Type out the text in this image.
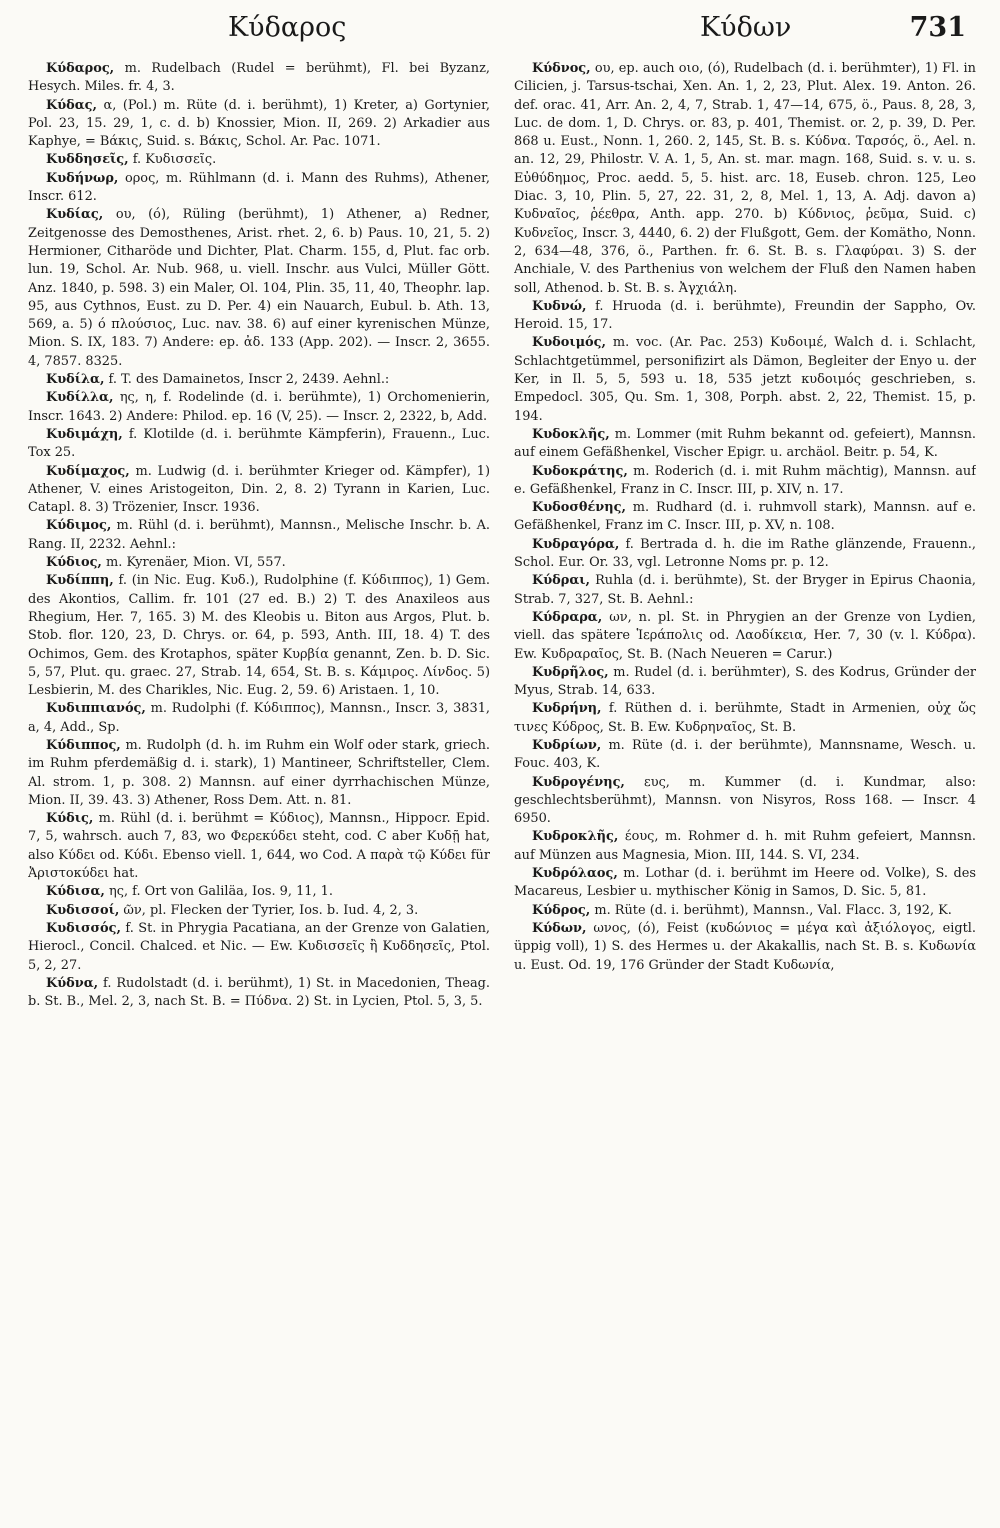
Κύδαρος	Κύδων	731

Κύδαρος, m. Rudelbach (Rudel = berühmt), Fl. bei Byzanz, Hesych. Miles. fr. 4, 3.

Κύδας, α, (Pol.) m. Rüte (d. i. berühmt), 1) Kreter, a) Gortynier, Pol. 23, 15. 29, 1, c. d. b) Knossier, Mion. II, 269. 2) Arkadier aus Kaphye, = Βάκις, Suid. s. Βάκις, Schol. Ar. Pac. 1071.

Κυδδησεῖς, f. Κυδισσεῖς.

Κυδήνωρ, ορος, m. Rühlmann (d. i. Mann des Ruhms), Athener, Inscr. 612.

Κυδίας, ου, (ό), Rüling (berühmt), 1) Athener, a) Redner, Zeitgenosse des Demosthenes, Arist. rhet. 2, 6. b) Paus. 10, 21, 5. 2) Hermioner, Citharöde und Dichter, Plat. Charm. 155, d, Plut. fac orb. lun. 19, Schol. Ar. Nub. 968, u. viell. Inschr. aus Vulci, Müller Gött. Anz. 1840, p. 598. 3) ein Maler, Ol. 104, Plin. 35, 11, 40, Theophr. lap. 95, aus Cythnos, Eust. zu D. Per. 4) ein Nauarch, Eubul. b. Ath. 13, 569, a. 5) ό πλούσιος, Luc. nav. 38. 6) auf einer kyrenischen Münze, Mion. S. IX, 183. 7) Andere: ep. ἀδ. 133 (App. 202). — Inscr. 2, 3655. 4, 7857. 8325.

Κυδίλα, f. T. des Damainetos, Inscr 2, 2439. Aehnl.:

Κυδίλλα, ης, η, f. Rodelinde (d. i. berühmte), 1) Orchomenierin, Inscr. 1643. 2) Andere: Philod. ep. 16 (V, 25). — Inscr. 2, 2322, b, Add.

Κυδιμάχη, f. Klotilde (d. i. berühmte Kämpferin), Frauenn., Luc. Tox 25.

Κυδίμαχος, m. Ludwig (d. i. berühmter Krieger od. Kämpfer), 1) Athener, V. eines Aristogeiton, Din. 2, 8. 2) Tyrann in Karien, Luc. Catapl. 8. 3) Trözenier, Inscr. 1936.

Κύδιμος, m. Rühl (d. i. berühmt), Mannsn., Melische Inschr. b. A. Rang. II, 2232. Aehnl.:

Κύδιος, m. Kyrenäer, Mion. VI, 557.

Κυδίππη, f. (in Nic. Eug. Κυδ.), Rudolphine (f. Κύδιππος), 1) Gem. des Akontios, Callim. fr. 101 (27 ed. B.) 2) T. des Anaxileos aus Rhegium, Her. 7, 165. 3) M. des Kleobis u. Biton aus Argos, Plut. b. Stob. flor. 120, 23, D. Chrys. or. 64, p. 593, Anth. III, 18. 4) T. des Ochimos, Gem. des Krotaphos, später Κυρβία genannt, Zen. b. D. Sic. 5, 57, Plut. qu. graec. 27, Strab. 14, 654, St. B. s. Κάμιρος. Λίνδος. 5) Lesbierin, M. des Charikles, Nic. Eug. 2, 59. 6) Aristaen. 1, 10.

Κυδιππιανός, m. Rudolphi (f. Κύδιππος), Mannsn., Inscr. 3, 3831, a, 4, Add., Sp.

Κύδιππος, m. Rudolph (d. h. im Ruhm ein Wolf oder stark, griech. im Ruhm pferdemäßig d. i. stark), 1) Mantineer, Schriftsteller, Clem. Al. strom. 1, p. 308. 2) Mannsn. auf einer dyrrhachischen Münze, Mion. II, 39. 43. 3) Athener, Ross Dem. Att. n. 81.

Κύδις, m. Rühl (d. i. berühmt = Κύδιος), Mannsn., Hippocr. Epid. 7, 5, wahrsch. auch 7, 83, wo Φερεκύδει steht, cod. C aber Κυδῇ hat, also Κύδει od. Κύδι. Ebenso viell. 1, 644, wo Cod. A παρὰ τῷ Κύδει für Ἀριστοκύδει hat.

Κύδισα, ης, f. Ort von Galiläa, Ios. 9, 11, 1.

Κυδισσοί, ῶν, pl. Flecken der Tyrier, Ios. b. Iud. 4, 2, 3.

Κυδισσός, f. St. in Phrygia Pacatiana, an der Grenze von Galatien, Hierocl., Concil. Chalced. et Nic. — Ew. Κυδισσεῖς ἢ Κυδδησεῖς, Ptol. 5, 2, 27.

Κύδνα, f. Rudolstadt (d. i. berühmt), 1) St. in Macedonien, Theag. b. St. B., Mel. 2, 3, nach St. B. = Πύδνα. 2) St. in Lycien, Ptol. 5, 3, 5.

Κύδνος, ου, ep. auch οιο, (ό), Rudelbach (d. i. berühmter), 1) Fl. in Cilicien, j. Tarsus-tschai, Xen. An. 1, 2, 23, Plut. Alex. 19. Anton. 26. def. orac. 41, Arr. An. 2, 4, 7, Strab. 1, 47—14, 675, ö., Paus. 8, 28, 3, Luc. de dom. 1, D. Chrys. or. 83, p. 401, Themist. or. 2, p. 39, D. Per. 868 u. Eust., Nonn. 1, 260. 2, 145, St. B. s. Κύδνα. Ταρσός, ö., Ael. n. an. 12, 29, Philostr. V. A. 1, 5, An. st. mar. magn. 168, Suid. s. v. u. s. Εὐθύδημος, Proc. aedd. 5, 5. hist. arc. 18, Euseb. chron. 125, Leo Diac. 3, 10, Plin. 5, 27, 22. 31, 2, 8, Mel. 1, 13, A. Adj. davon a) Κυδναῖος, ῥέεθρα, Anth. app. 270. b) Κύδνιος, ῥεῦμα, Suid. c) Κυδνεῖος, Inscr. 3, 4440, 6. 2) der Flußgott, Gem. der Komätho, Nonn. 2, 634—48, 376, ö., Parthen. fr. 6. St. B. s. Γλαφύραι. 3) S. der Anchiale, V. des Parthenius von welchem der Fluß den Namen haben soll, Athenod. b. St. B. s. Ἀγχιάλη.

Κυδνώ, f. Hruoda (d. i. berühmte), Freundin der Sappho, Ov. Heroid. 15, 17.

Κυδοιμός, m. voc. (Ar. Pac. 253) Κυδοιμέ, Walch d. i. Schlacht, Schlachtgetümmel, personifizirt als Dämon, Begleiter der Enyo u. der Ker, in Il. 5, 5, 593 u. 18, 535 jetzt κυδοιμός geschrieben, s. Empedocl. 305, Qu. Sm. 1, 308, Porph. abst. 2, 22, Themist. 15, p. 194.

Κυδοκλῆς, m. Lommer (mit Ruhm bekannt od. gefeiert), Mannsn. auf einem Gefäßhenkel, Vischer Epigr. u. archäol. Beitr. p. 54, K.

Κυδοκράτης, m. Roderich (d. i. mit Ruhm mächtig), Mannsn. auf e. Gefäßhenkel, Franz in C. Inscr. III, p. XIV, n. 17.

Κυδοσθένης, m. Rudhard (d. i. ruhmvoll stark), Mannsn. auf e. Gefäßhenkel, Franz im C. Inscr. III, p. XV, n. 108.

Κυδραγόρα, f. Bertrada d. h. die im Rathe glänzende, Frauenn., Schol. Eur. Or. 33, vgl. Letronne Noms pr. p. 12.

Κύδραι, Ruhla (d. i. berühmte), St. der Bryger in Epirus Chaonia, Strab. 7, 327, St. B. Aehnl.:

Κύδραρα, ων, n. pl. St. in Phrygien an der Grenze von Lydien, viell. das spätere Ἱεράπολις od. Λαοδίκεια, Her. 7, 30 (v. l. Κύδρα). Ew. Κυδραραῖος, St. B. (Nach Neueren = Carur.)

Κυδρῆλος, m. Rudel (d. i. berühmter), S. des Kodrus, Gründer der Myus, Strab. 14, 633.

Κυδρήνη, f. Rüthen d. i. berühmte, Stadt in Armenien, οὐχ ὥς τινες Κύδρος, St. B. Ew. Κυδρηναῖος, St. B.

Κυδρίων, m. Rüte (d. i. der berühmte), Mannsname, Wesch. u. Fouc. 403, K.

Κυδρογένης, ευς, m. Kummer (d. i. Kundmar, also: geschlechtsberühmt), Mannsn. von Nisyros, Ross 168. — Inscr. 4 6950.

Κυδροκλῆς, έους, m. Rohmer d. h. mit Ruhm gefeiert, Mannsn. auf Münzen aus Magnesia, Mion. III, 144. S. VI, 234.

Κυδρόλαος, m. Lothar (d. i. berühmt im Heere od. Volke), S. des Macareus, Lesbier u. mythischer König in Samos, D. Sic. 5, 81.

Κύδρος, m. Rüte (d. i. berühmt), Mannsn., Val. Flacc. 3, 192, K.

Κύδων, ωνος, (ό), Feist (κυδώνιος = μέγα καὶ ἀξιόλογος, eigtl. üppig voll), 1) S. des Hermes u. der Akakallis, nach St. B. s. Κυδωνία u. Eust. Od. 19, 176 Gründer der Stadt Κυδωνία,
